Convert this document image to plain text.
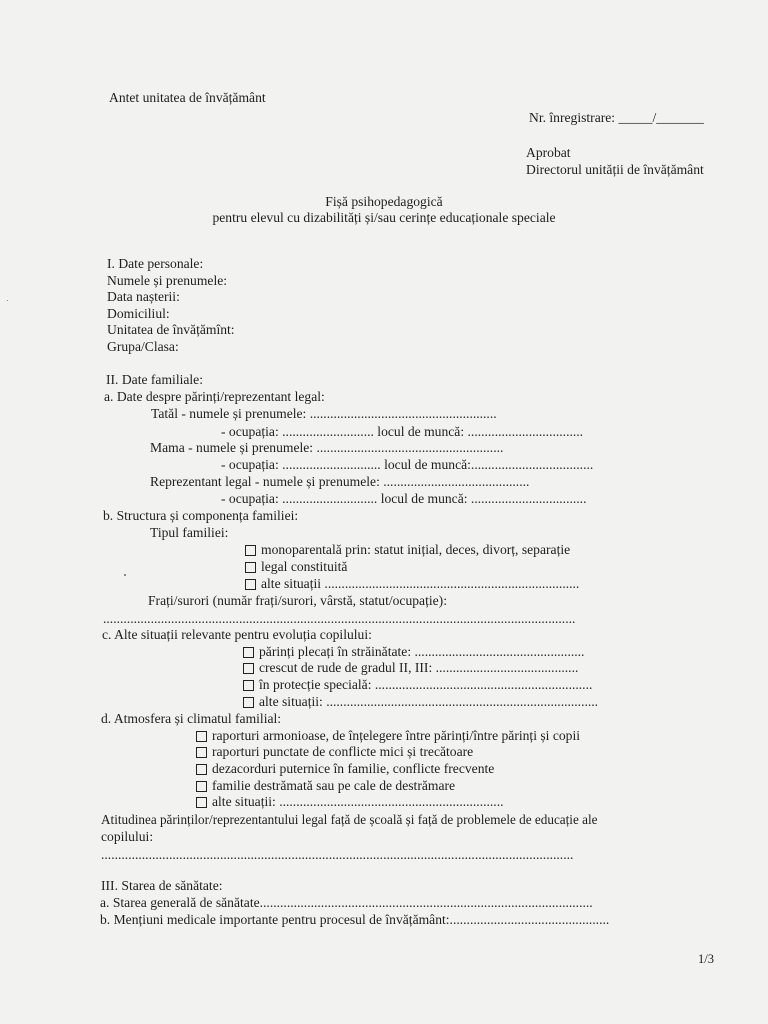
Antet unitatea de învățământ
Nr. înregistrare: _____/_______
Aprobat
Directorul unității de învățământ
Fișă psihopedagogică
pentru elevul cu dizabilități și/sau cerințe educaționale speciale
I. Date personale:
Numele și prenumele:
Data nașterii:
Domiciliul:
Unitatea de învățămînt:
Grupa/Clasa:
II. Date familiale:
a. Date despre părinți/reprezentant legal:
Tatăl - numele și prenumele: .......................................................
- ocupația: ........................... locul de muncă: ..................................
Mama - numele și prenumele: .......................................................
- ocupația: ............................. locul de muncă:....................................
Reprezentant legal - numele și prenumele: ...........................................
- ocupația: ............................ locul de muncă: ..................................
b. Structura și componența familiei:
Tipul familiei:
monoparentală prin: statut inițial, deces, divorț, separație
legal constituită
alte situații ...........................................................................
Frați/surori (număr frați/surori, vârstă, statut/ocupație):
...........................................................................................................................................
c. Alte situații relevante pentru evoluția copilului:
părinți plecați în străinătate: ..................................................
crescut de rude de gradul II, III: ..........................................
în protecție specială: ................................................................
alte situații: ................................................................................
d. Atmosfera și climatul familial:
raporturi armonioase, de înțelegere între părinți/între părinți și copii
raporturi punctate de conflicte mici și trecătoare
dezacorduri puternice în familie, conflicte frecvente
familie destrămată sau pe cale de destrămare
alte situații: ..................................................................
Atitudinea părinților/reprezentantului legal față de școală și față de problemele de educație ale
copilului:
...........................................................................................................................................
III. Starea de sănătate:
a. Starea generală de sănătate..................................................................................................
b. Mențiuni medicale importante pentru procesul de învățământ:...............................................
1/3
